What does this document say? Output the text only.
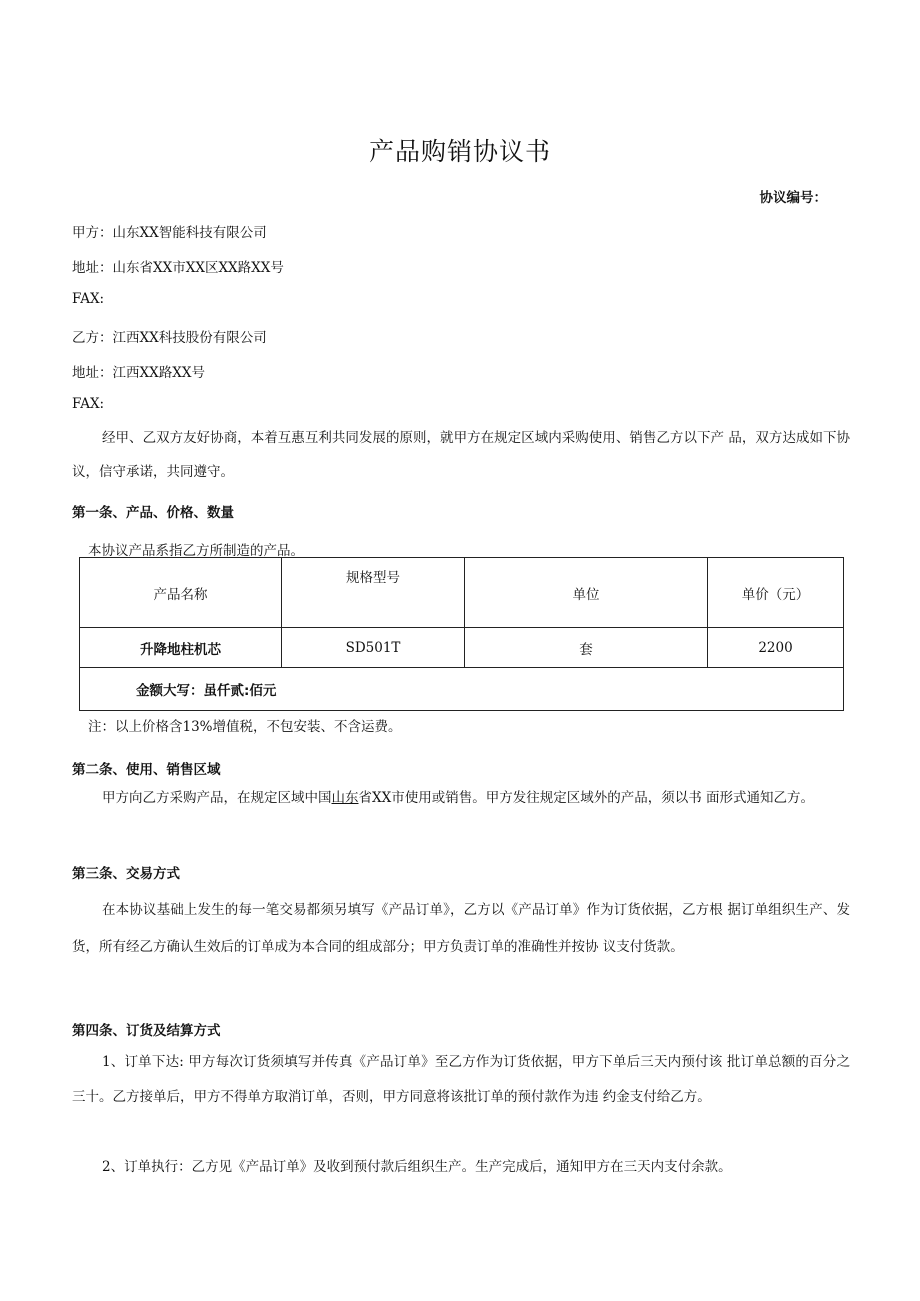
产品购销协议书
协议编号：
甲方：山东XX智能科技有限公司
地址：山东省XX市XX区XX路XX号
FAX:
乙方：江西XX科技股份有限公司
地址：江西XX路XX号
FAX:
经甲、乙双方友好协商，本着互惠互利共同发展的原则，就甲方在规定区域内采购使用、销售乙方以下产 品，双方达成如下协议，信守承诺，共同遵守。
第一条、产品、价格、数量
本协议产品系指乙方所制造的产品。
产品名称	规格型号	单位	单价（元）
升降地柱机芯	SD501T	套	2200
金额大写：虽仟贰:佰元			
注：以上价格含13%增值税，不包安装、不含运费。
第二条、使用、销售区域
甲方向乙方采购产品，在规定区域中国山东省XX市使用或销售。甲方发往规定区域外的产品，须以书 面形式通知乙方。
第三条、交易方式
在本协议基础上发生的每一笔交易都须另填写《产品订单》，乙方以《产品订单》作为订货依据，乙方根 据订单组织生产、发货，所有经乙方确认生效后的订单成为本合同的组成部分；甲方负责订单的准确性并按协 议支付货款。
第四条、订货及结算方式
1、订单下达: 甲方每次订货须填写并传真《产品订单》至乙方作为订货依据，甲方下单后三天内预付该 批订单总额的百分之三十。乙方接单后，甲方不得单方取消订单，否则，甲方同意将该批订单的预付款作为违 约金支付给乙方。
2、订单执行：乙方见《产品订单》及收到预付款后组织生产。生产完成后，通知甲方在三天内支付余款。
